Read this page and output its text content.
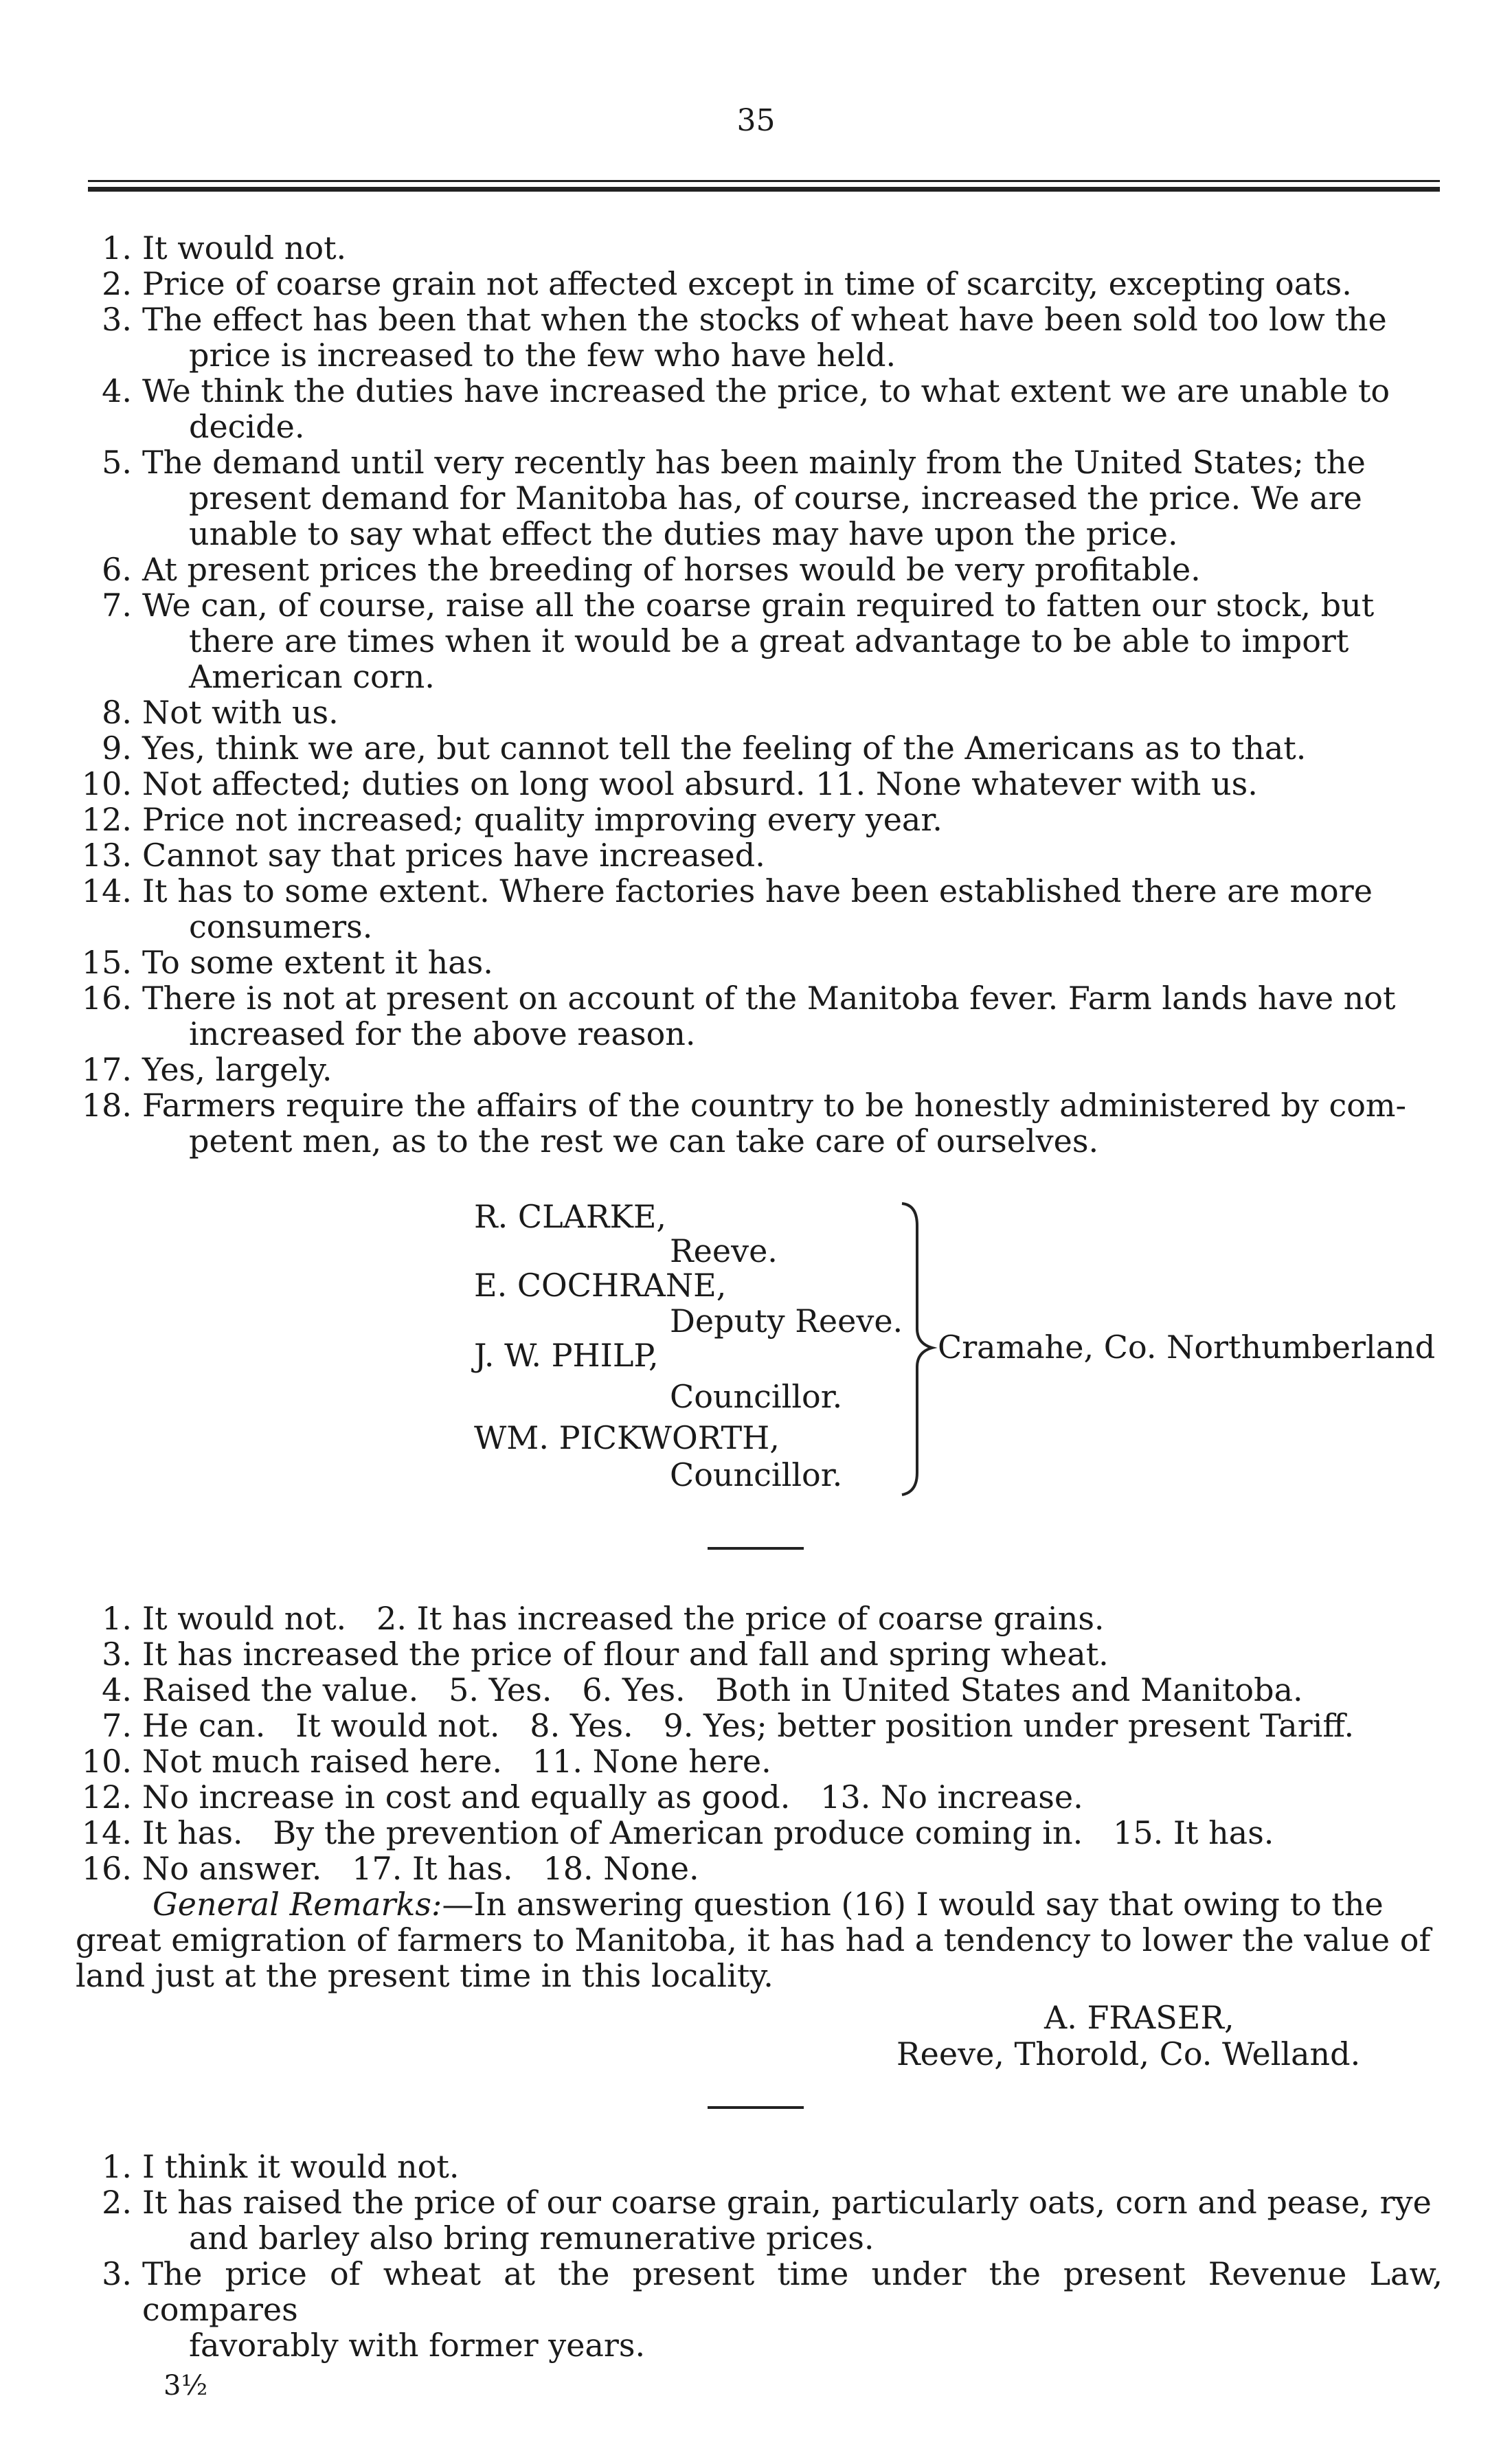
35
1. It would not.
2. Price of coarse grain not affected except in time of scarcity, excepting oats.
3. The effect has been that when the stocks of wheat have been sold too low the
price is increased to the few who have held.
4. We think the duties have increased the price, to what extent we are unable to
decide.
5. The demand until very recently has been mainly from the United States; the
present demand for Manitoba has, of course, increased the price. We are
unable to say what effect the duties may have upon the price.
6. At present prices the breeding of horses would be very profitable.
7. We can, of course, raise all the coarse grain required to fatten our stock, but
there are times when it would be a great advantage to be able to import
American corn.
8. Not with us.
9. Yes, think we are, but cannot tell the feeling of the Americans as to that.
10. Not affected; duties on long wool absurd. 11. None whatever with us.
12. Price not increased; quality improving every year.
13. Cannot say that prices have increased.
14. It has to some extent. Where factories have been established there are more
consumers.
15. To some extent it has.
16. There is not at present on account of the Manitoba fever. Farm lands have not
increased for the above reason.
17. Yes, largely.
18. Farmers require the affairs of the country to be honestly administered by com-
petent men, as to the rest we can take care of ourselves.
R. CLARKE,
Reeve.
E. COCHRANE,
Deputy Reeve.
J. W. PHILP,
Councillor.
WM. PICKWORTH,
Councillor.
Cramahe, Co. Northumberland
1. It would not.   2. It has increased the price of coarse grains.
3. It has increased the price of flour and fall and spring wheat.
4. Raised the value.   5. Yes.   6. Yes.   Both in United States and Manitoba.
7. He can.   It would not.   8. Yes.   9. Yes; better position under present Tariff.
10. Not much raised here.   11. None here.
12. No increase in cost and equally as good.   13. No increase.
14. It has.   By the prevention of American produce coming in.   15. It has.
16. No answer.   17. It has.   18. None.
General Remarks:—In answering question (16) I would say that owing to the
great emigration of farmers to Manitoba, it has had a tendency to lower the value of
land just at the present time in this locality.
A. FRASER,
Reeve, Thorold, Co. Welland.
1. I think it would not.
2. It has raised the price of our coarse grain, particularly oats, corn and pease, rye
and barley also bring remunerative prices.
3. The price of wheat at the present time under the present Revenue Law, compares
favorably with former years.
3½
